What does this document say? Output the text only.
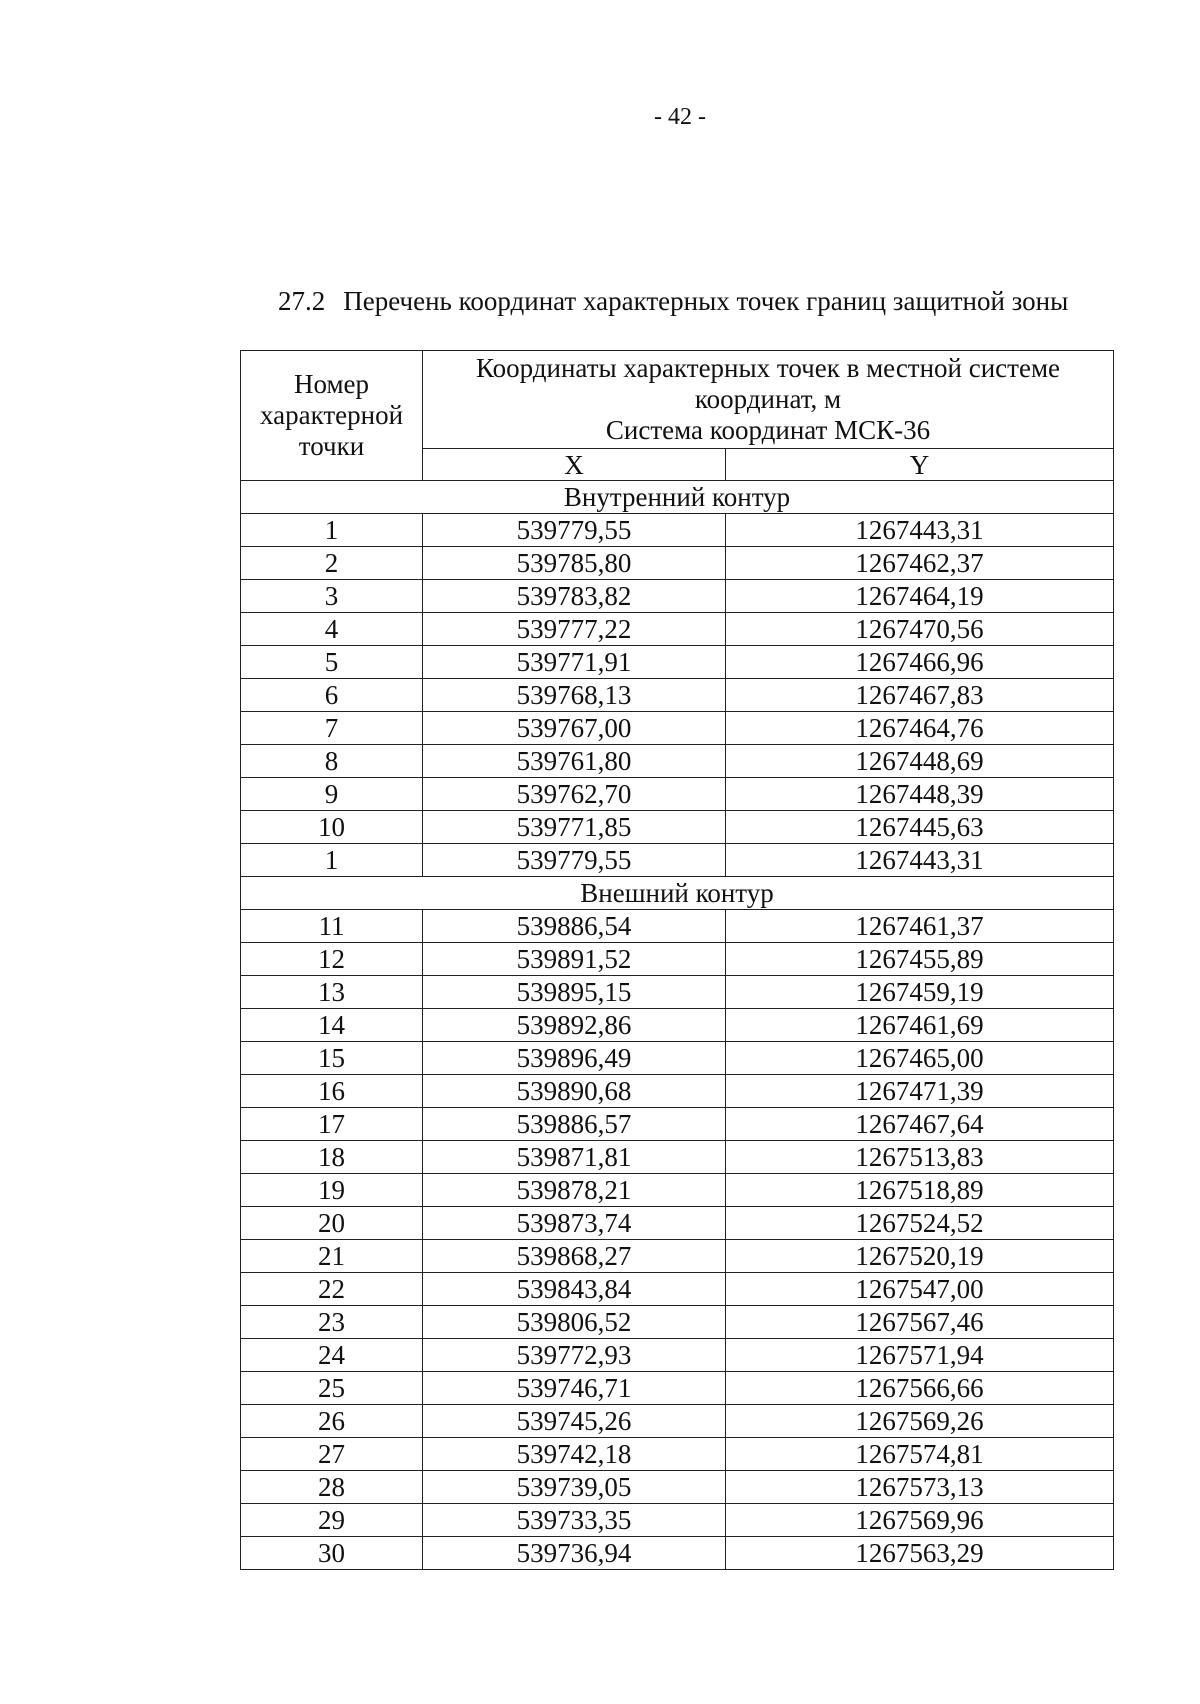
- 42 -
27.2 Перечень координат характерных точек границ защитной зоны
Номер характерной точки	Координаты характерных точек в местной системе
координат, м
Система координат МСК-36	

	X	Y
Внутренний контур		
1	539779,55	1267443,31
2	539785,80	1267462,37
3	539783,82	1267464,19
4	539777,22	1267470,56
5	539771,91	1267466,96
6	539768,13	1267467,83
7	539767,00	1267464,76
8	539761,80	1267448,69
9	539762,70	1267448,39
10	539771,85	1267445,63
1	539779,55	1267443,31
Внешний контур		
11	539886,54	1267461,37
12	539891,52	1267455,89
13	539895,15	1267459,19
14	539892,86	1267461,69
15	539896,49	1267465,00
16	539890,68	1267471,39
17	539886,57	1267467,64
18	539871,81	1267513,83
19	539878,21	1267518,89
20	539873,74	1267524,52
21	539868,27	1267520,19
22	539843,84	1267547,00
23	539806,52	1267567,46
24	539772,93	1267571,94
25	539746,71	1267566,66
26	539745,26	1267569,26
27	539742,18	1267574,81
28	539739,05	1267573,13
29	539733,35	1267569,96
30	539736,94	1267563,29
